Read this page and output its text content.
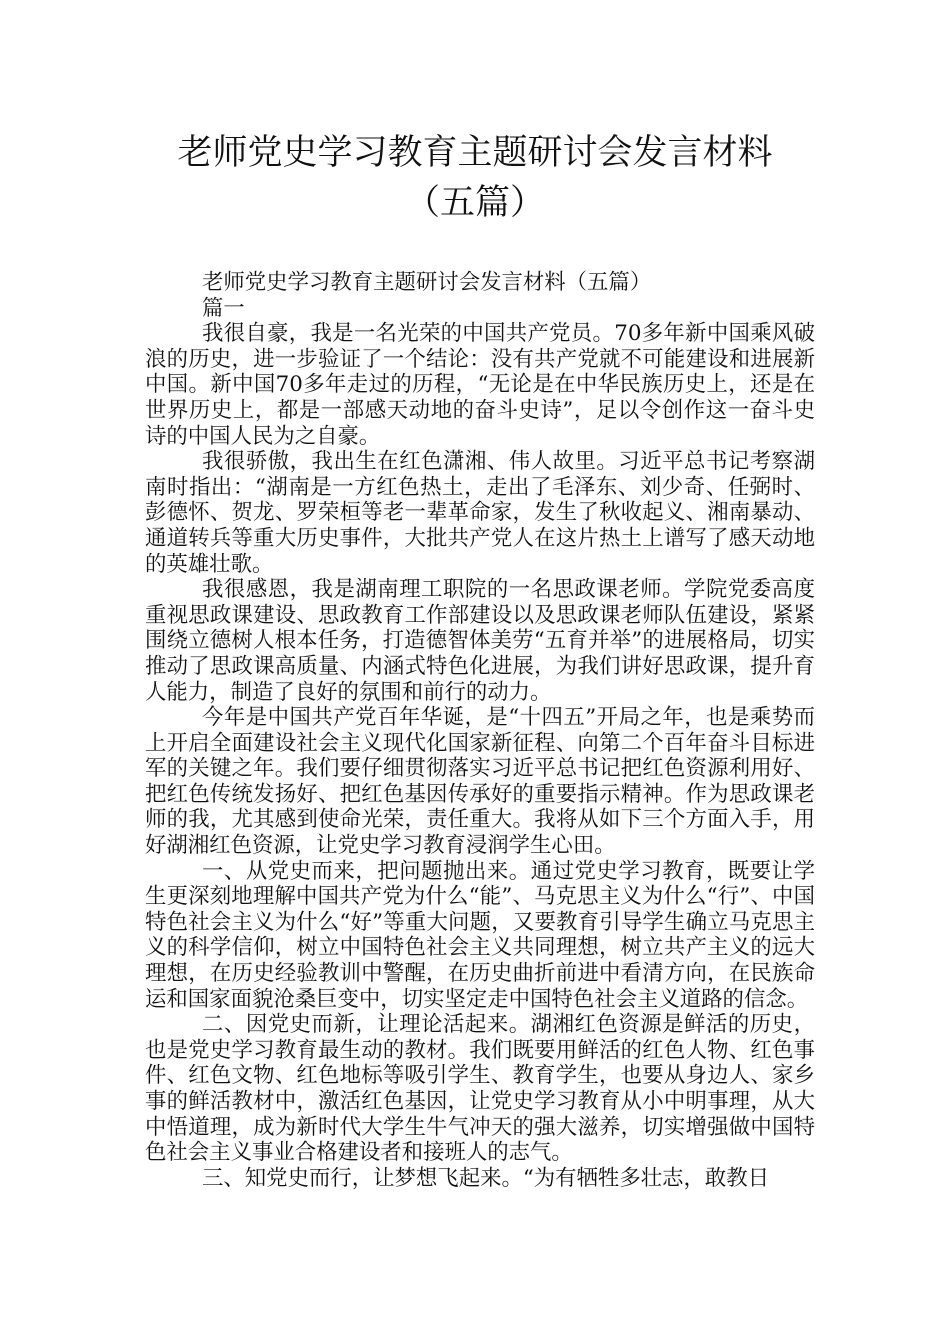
老师党史学习教育主题研讨会发言材料
（五篇）

老师党史学习教育主题研讨会发言材料（五篇）

篇一

我很自豪，我是一名光荣的中国共产党员。70多年新中国乘风破浪的历史，进一步验证了一个结论：没有共产党就不可能建设和进展新中国。新中国70多年走过的历程，“无论是在中华民族历史上，还是在世界历史上，都是一部感天动地的奋斗史诗”，足以令创作这一奋斗史诗的中国人民为之自豪。

我很骄傲，我出生在红色潇湘、伟人故里。习近平总书记考察湖南时指出：“湖南是一方红色热土，走出了毛泽东、刘少奇、任弼时、彭德怀、贺龙、罗荣桓等老一辈革命家，发生了秋收起义、湘南暴动、通道转兵等重大历史事件，大批共产党人在这片热土上谱写了感天动地的英雄壮歌。

我很感恩，我是湖南理工职院的一名思政课老师。学院党委高度重视思政课建设、思政教育工作部建设以及思政课老师队伍建设，紧紧围绕立德树人根本任务，打造德智体美劳“五育并举”的进展格局，切实推动了思政课高质量、内涵式特色化进展，为我们讲好思政课，提升育人能力，制造了良好的氛围和前行的动力。

今年是中国共产党百年华诞，是“十四五”开局之年，也是乘势而上开启全面建设社会主义现代化国家新征程、向第二个百年奋斗目标进军的关键之年。我们要仔细贯彻落实习近平总书记把红色资源利用好、把红色传统发扬好、把红色基因传承好的重要指示精神。作为思政课老师的我，尤其感到使命光荣，责任重大。我将从如下三个方面入手，用好湖湘红色资源，让党史学习教育浸润学生心田。

一、从党史而来，把问题抛出来。通过党史学习教育，既要让学生更深刻地理解中国共产党为什么“能”、马克思主义为什么“行”、中国特色社会主义为什么“好”等重大问题，又要教育引导学生确立马克思主义的科学信仰，树立中国特色社会主义共同理想，树立共产主义的远大理想，在历史经验教训中警醒，在历史曲折前进中看清方向，在民族命运和国家面貌沧桑巨变中，切实坚定走中国特色社会主义道路的信念。

二、因党史而新，让理论活起来。湖湘红色资源是鲜活的历史，也是党史学习教育最生动的教材。我们既要用鲜活的红色人物、红色事件、红色文物、红色地标等吸引学生、教育学生，也要从身边人、家乡事的鲜活教材中，激活红色基因，让党史学习教育从小中明事理，从大中悟道理，成为新时代大学生牛气冲天的强大滋养，切实增强做中国特色社会主义事业合格建设者和接班人的志气。

三、知党史而行，让梦想飞起来。“为有牺牲多壮志，敢教日
